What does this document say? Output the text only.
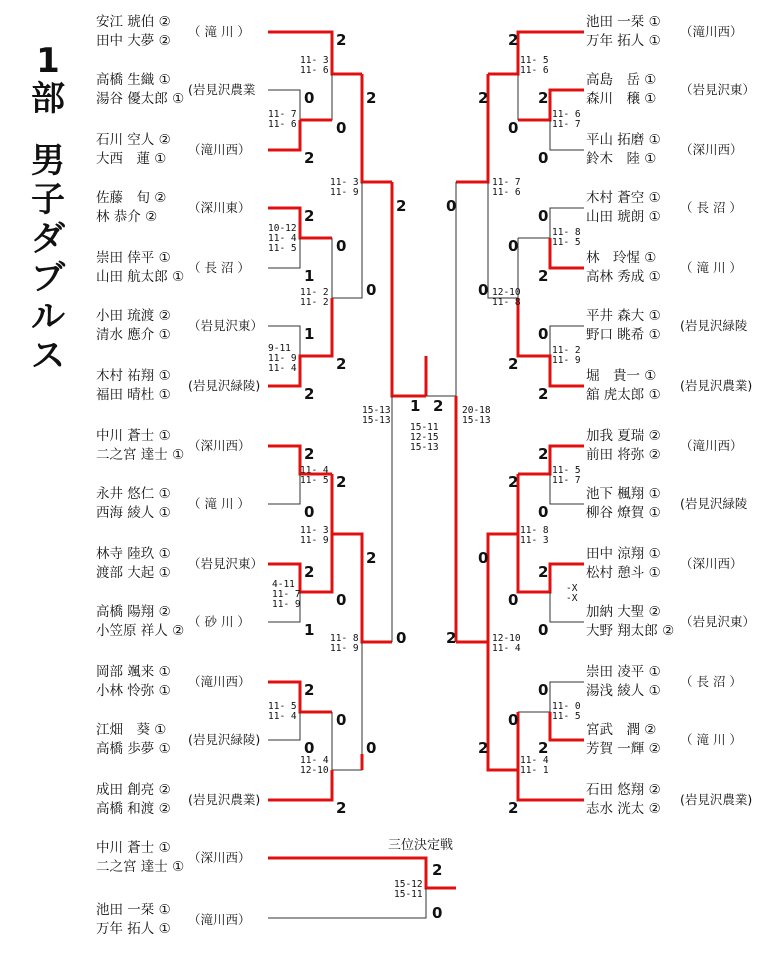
1部
男子ダブルス
安江 琥伯 ②
田中 大夢 ②
（ 滝 川 ）
高橋 生織 ①
湯谷 優太郎 ①
(岩見沢農業
石川 空人 ②
大西　蓮 ①
（滝川西）
佐藤　旬 ②
林 恭介 ②
（深川東）
崇田 倖平 ①
山田 航太郎 ①
（ 長 沼 ）
小田 琉渡 ②
清水 應介 ①
（岩見沢東）
木村 祐翔 ①
福田 晴杜 ①
(岩見沢緑陵)
中川 蒼士 ①
二之宮 達士 ①
（深川西）
永井 悠仁 ①
西海 綾人 ①
（ 滝 川 ）
林寺 陸玖 ①
渡部 大起 ①
（岩見沢東）
高橋 陽翔 ②
小笠原 祥人 ②
（ 砂 川 ）
岡部 颯来 ①
小林 怜弥 ①
（滝川西）
江畑　葵 ①
高橋 歩夢 ①
(岩見沢緑陵)
成田 創亮 ②
高橋 和渡 ②
(岩見沢農業)
池田 一栞 ①
万年 拓人 ①
（滝川西）
高島　岳 ①
森川　穣 ①
（岩見沢東）
平山 拓磨 ①
鈴木　陸 ①
（深川西）
木村 蒼空 ①
山田 琥朗 ①
（ 長 沼 ）
林　玲惺 ①
高林 秀成 ①
（ 滝 川 ）
平井 森大 ①
野口 眺希 ①
(岩見沢緑陵
堀　貴一 ①
舘 虎太郎 ①
(岩見沢農業)
加我 夏瑞 ②
前田 将弥 ②
（滝川西）
池下 楓翔 ①
柳谷 燎賀 ①
(岩見沢緑陵
田中 涼翔 ①
松村 憩斗 ①
（深川西）
加納 大聖 ②
大野 翔太郎 ②
（岩見沢東）
崇田 凌平 ①
湯浅 綾人 ①
（ 長 沼 ）
宮武　潤 ②
芳賀 一輝 ②
（ 滝 川 ）
石田 悠翔 ②
志水 洸太 ②
(岩見沢農業)
中川 蒼士 ①
二之宮 達士 ①
（深川西）
池田 一栞 ①
万年 拓人 ①
（滝川西）
2
0
0
2
2
2
1
0
1
2
2
0
2
2
0
2
2
1
0
2
2
0
0
2
0
0
1 2
2
2
0
0
2
0
2
0
0
2
2
0
0
2
0
2
2
0
0
0
0
2
0
2
2
2
2
0
11- 3
11- 6
11- 7
11- 6
11- 3
11- 9
10-12
11- 4
11- 5
11- 2
11- 2
9-11
11- 9
11- 4
15-13
15-13
15-11
12-15
15-13
20-18
15-13
11- 4
11- 5
11- 3
11- 9
4-11
11- 7
11- 9
11- 8
11- 9
11- 5
11- 4
11- 4
12-10
11- 5
11- 6
11- 6
11- 7
11- 7
11- 6
11- 8
11- 5
12-10
11- 8
11- 2
11- 9
11- 5
11- 7
11- 8
11- 3
-X
-X
12-10
11- 4
11- 0
11- 5
11- 4
11- 1
15-12
15-11
三位決定戦
